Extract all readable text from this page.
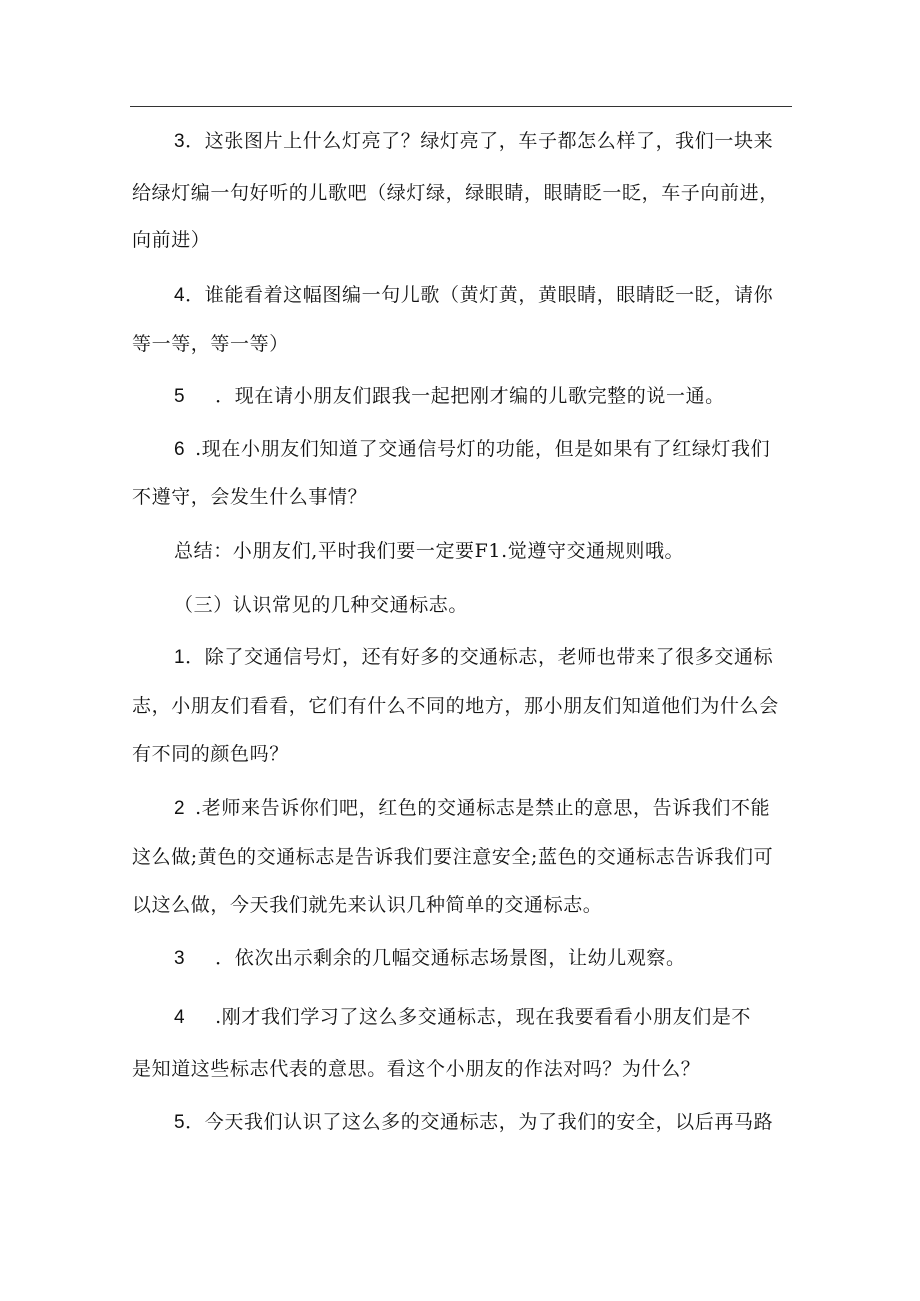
3．这张图片上什么灯亮了？绿灯亮了，车子都怎么样了，我们一块来
给绿灯编一句好听的儿歌吧（绿灯绿，绿眼睛，眼睛眨一眨，车子向前进，
向前进）
4．谁能看着这幅图编一句儿歌（黄灯黄，黄眼睛，眼睛眨一眨，请你
等一等，等一等）
5 ．现在请小朋友们跟我一起把刚才编的儿歌完整的说一通。
6 .现在小朋友们知道了交通信号灯的功能，但是如果有了红绿灯我们
不遵守，会发生什么事情？
总结：小朋友们,平时我们要一定要F1.觉遵守交通规则哦。
（三）认识常见的几种交通标志。
1．除了交通信号灯，还有好多的交通标志，老师也带来了很多交通标
志，小朋友们看看，它们有什么不同的地方，那小朋友们知道他们为什么会
有不同的颜色吗？
2 .老师来告诉你们吧，红色的交通标志是禁止的意思，告诉我们不能
这么做;黄色的交通标志是告诉我们要注意安全;蓝色的交通标志告诉我们可
以这么做，今天我们就先来认识几种简单的交通标志。
3 ．依次出示剩余的几幅交通标志场景图，让幼儿观察。
4 .刚才我们学习了这么多交通标志，现在我要看看小朋友们是不
是知道这些标志代表的意思。看这个小朋友的作法对吗？为什么？
5．今天我们认识了这么多的交通标志，为了我们的安全，以后再马路
